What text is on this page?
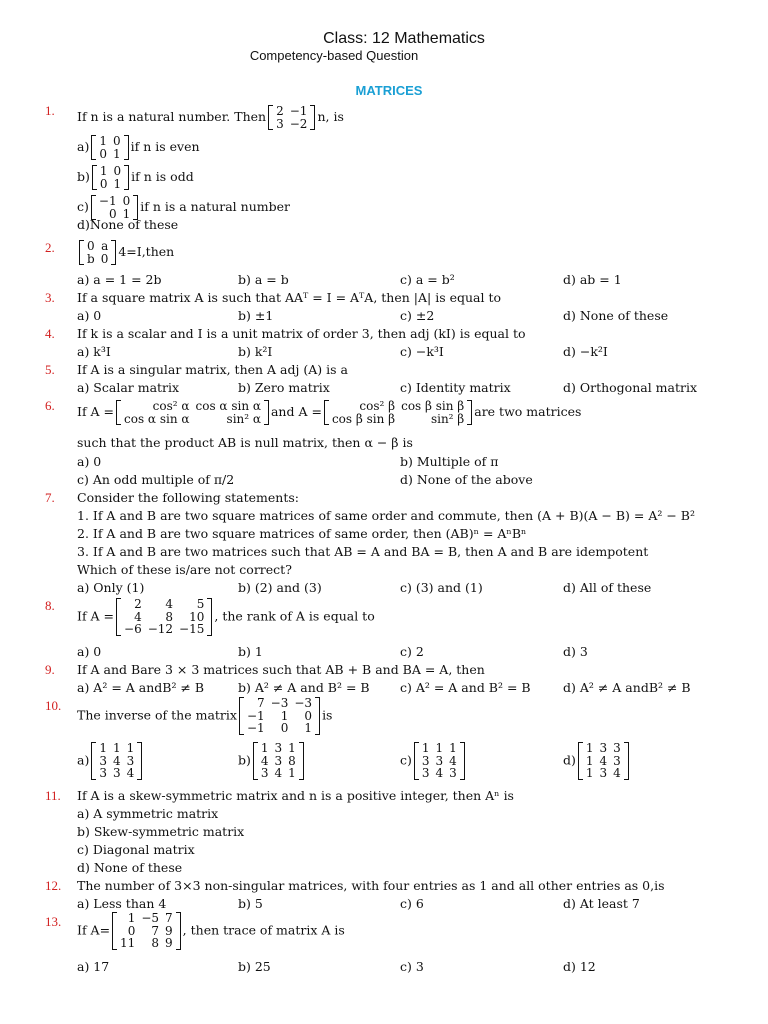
Class: 12 Mathematics
Competency-based Question
MATRICES
1. If n is a natural number. Then 2	−1
3	−2 n, is
a) 1	0
0	1 if n is even
b) 1	0
0	1 if n is odd
c) −1	0
0	1 if n is a natural number
d)None of these
2.	0	a
b	0 4=I,then
a) a = 1 = 2b	b) a = b	c) a = b²	d) ab = 1
3. If a square matrix A is such that AAᵀ = I = AᵀA, then |A| is equal to
a) 0	b) ±1	c) ±2	d) None of these
4. If k is a scalar and I is a unit matrix of order 3, then adj (kI) is equal to
a) k³I	b) k²I	c) −k³I	d) −k²I
5. If A is a singular matrix, then A adj (A) is a
a) Scalar matrix	b) Zero matrix	c) Identity matrix	d) Orthogonal matrix
6. If A =	cos² α	cos α sin α
cos α sin α	sin² α and A =	cos² β	cos β sin β
cos β sin β	sin² β are two matrices
such that the product AB is null matrix, then α − β is
a) 0	b) Multiple of π
c) An odd multiple of π/2	d) None of the above
7. Consider the following statements:
1. If A and B are two square matrices of same order and commute, then (A + B)(A − B) = A² − B²
2. If A and B are two square matrices of same order, then (AB)ⁿ = AⁿBⁿ
3. If A and B are two matrices such that AB = A and BA = B, then A and B are idempotent
Which of these is/are not correct?
a) Only (1)	b) (2) and (3)	c) (3) and (1)	d) All of these
8.
If A =
2	4	5
4	8	10
−6	−12	−15
, the rank of A is equal to
a) 0	b) 1	c) 2	d) 3
9. If A and Bare 3 × 3 matrices such that AB + B and BA = A, then
a) A² = A andB² ≠ B	b) A² ≠ A and B² = B c) A² = A and B² = B	d) A² ≠ A andB² ≠ B
10.
The inverse of the matrix
7	−3	−3
−1	1	0
−1	0	1
is
a)
1	1	1
3	4	3
3	3	4
b)
1	3	1
4	3	8
3	4	1
c)
1	1	1
3	3	4
3	4	3
d)
1	3	3
1	4	3
1	3	4
11. If A is a skew-symmetric matrix and n is a positive integer, then Aⁿ is
a) A symmetric matrix
b) Skew-symmetric matrix
c) Diagonal matrix
d) None of these
12. The number of 3×3 non-singular matrices, with four entries as 1 and all other entries as 0,is
a) Less than 4	b) 5	c) 6	d) At least 7
13.
If A=
1	−5	7
0	7	9
11	8	9
, then trace of matrix A is
a) 17	b) 25	c) 3	d) 12
